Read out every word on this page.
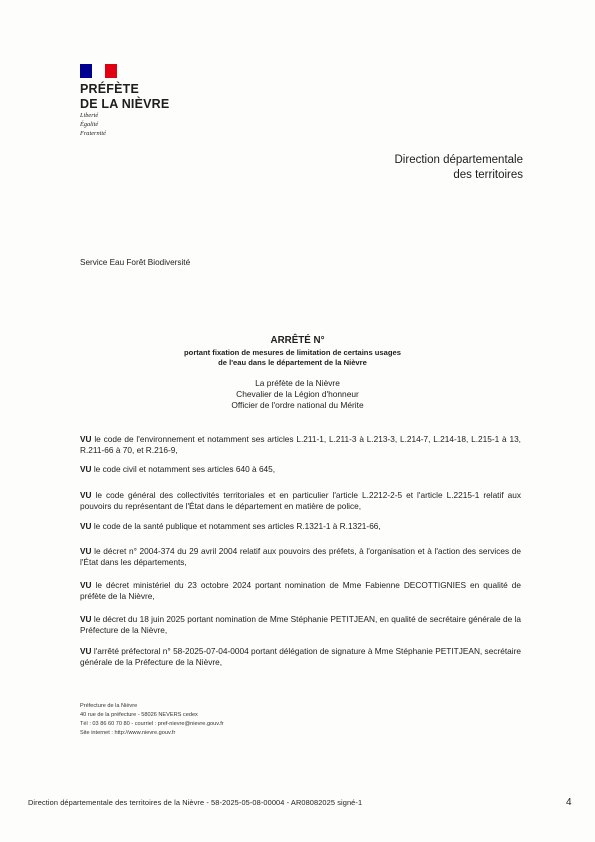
PRÉFÈTE
DE LA NIÈVRE
Liberté
Égalité
Fraternité
Direction départementale
des territoires
Service Eau Forêt Biodiversité
ARRÊTÉ N°
portant fixation de mesures de limitation de certains usages
de l'eau dans le département de la Nièvre
La préfète de la Nièvre
Chevalier de la Légion d'honneur
Officier de l'ordre national du Mérite
VU le code de l'environnement et notamment ses articles L.211-1, L.211-3 à L.213-3, L.214-7, L.214-18, L.215-1 à 13, R.211-66 à 70, et R.216-9,
VU le code civil et notamment ses articles 640 à 645,
VU le code général des collectivités territoriales et en particulier l'article L.2212-2-5 et l'article L.2215-1 relatif aux pouvoirs du représentant de l'État dans le département en matière de police,
VU le code de la santé publique et notamment ses articles R.1321-1 à R.1321-66,
VU le décret n° 2004-374 du 29 avril 2004 relatif aux pouvoirs des préfets, à l'organisation et à l'action des services de l'État dans les départements,
VU le décret ministériel du 23 octobre 2024 portant nomination de Mme Fabienne DECOTTIGNIES en qualité de préfète de la Nièvre,
VU le décret du 18 juin 2025 portant nomination de Mme Stéphanie PETITJEAN, en qualité de secrétaire générale de la Préfecture de la Nièvre,
VU l'arrêté préfectoral n° 58-2025-07-04-0004 portant délégation de signature à Mme Stéphanie PETITJEAN, secrétaire générale de la Préfecture de la Nièvre,
Préfecture de la Nièvre
40 rue de la préfecture - 58026 NEVERS cedex
Tél : 03 86 60 70 80 - courriel : pref-nievre@nievre.gouv.fr
Site internet : http://www.nievre.gouv.fr
Direction départementale des territoires de la Nièvre - 58-2025-05-08-00004 - AR08082025 signé-1	4
